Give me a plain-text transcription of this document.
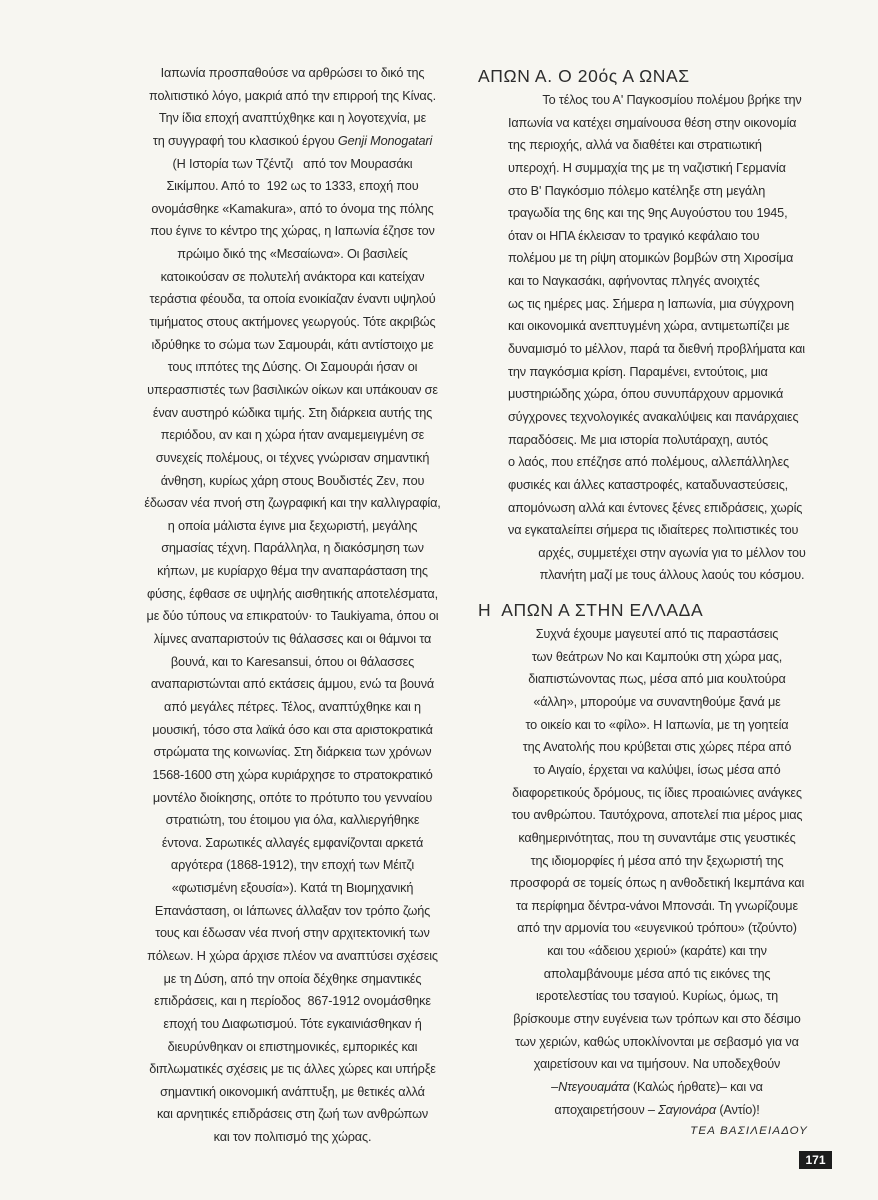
Ιαπωνία προσπαθούσε να αρθρώσει το δικό της
πολιτιστικό λόγο, μακριά από την επιρροή της Κίνας.
Την ίδια εποχή αναπτύχθηκε και η λογοτεχνία, με
τη συγγραφή του κλασικού έργου Genji Monogatari
(Η Ιστορία των Τζέντζι   από τον Μουρασάκι
Σικίμπου. Από το  192 ως το 1333, εποχή που
ονομάσθηκε «Kamakura», από το όνομα της πόλης
που έγινε το κέντρο της χώρας, η Ιαπωνία έζησε τον
πρώιμο δικό της «Μεσαίωνα». Οι βασιλείς
κατοικούσαν σε πολυτελή ανάκτορα και κατείχαν
τεράστια φέουδα, τα οποία ενοικίαζαν έναντι υψηλού
τιμήματος στους ακτήμονες γεωργούς. Τότε ακριβώς
ιδρύθηκε το σώμα των Σαμουράι, κάτι αντίστοιχο με
τους ιππότες της Δύσης. Οι Σαμουράι ήσαν οι
υπερασπιστές των βασιλικών οίκων και υπάκουαν σε
έναν αυστηρό κώδικα τιμής. Στη διάρκεια αυτής της
περιόδου, αν και η χώρα ήταν αναμεμειγμένη σε
συνεχείς πολέμους, οι τέχνες γνώρισαν σημαντική
άνθηση, κυρίως χάρη στους Βουδιστές Ζεν, που
έδωσαν νέα πνοή στη ζωγραφική και την καλλιγραφία,
η οποία μάλιστα έγινε μια ξεχωριστή, μεγάλης
σημασίας τέχνη. Παράλληλα, η διακόσμηση των
κήπων, με κυρίαρχο θέμα την αναπαράσταση της
φύσης, έφθασε σε υψηλής αισθητικής αποτελέσματα,
με δύο τύπους να επικρατούν· το Taukiyama, όπου οι
λίμνες αναπαριστούν τις θάλασσες και οι θάμνοι τα
βουνά, και το Karesansui, όπου οι θάλασσες
αναπαριστώνται από εκτάσεις άμμου, ενώ τα βουνά
από μεγάλες πέτρες. Τέλος, αναπτύχθηκε και η
μουσική, τόσο στα λαϊκά όσο και στα αριστοκρατικά
στρώματα της κοινωνίας. Στη διάρκεια των χρόνων
1568-1600 στη χώρα κυριάρχησε το στρατοκρατικό
μοντέλο διοίκησης, οπότε το πρότυπο του γενναίου
στρατιώτη, του έτοιμου για όλα, καλλιεργήθηκε
έντονα. Σαρωτικές αλλαγές εμφανίζονται αρκετά
αργότερα (1868-1912), την εποχή των Μέιτζι
«φωτισμένη εξουσία»). Κατά τη Βιομηχανική
Επανάσταση, οι Ιάπωνες άλλαξαν τον τρόπο ζωής
τους και έδωσαν νέα πνοή στην αρχιτεκτονική των
πόλεων. Η χώρα άρχισε πλέον να αναπτύσει σχέσεις
με τη Δύση, από την οποία δέχθηκε σημαντικές
επιδράσεις, και η περίοδος  867-1912 ονομάσθηκε
εποχή του Διαφωτισμού. Τότε εγκαινιάσθηκαν ή
διευρύνθηκαν οι επιστημονικές, εμπορικές και
διπλωματικές σχέσεις με τις άλλες χώρες και υπήρξε
σημαντική οικονομική ανάπτυξη, με θετικές αλλά
και αρνητικές επιδράσεις στη ζωή των ανθρώπων
και τον πολιτισμό της χώρας.
ΑΠΩΝ Α. Ο 20ός Α ΩΝΑΣ
Το τέλος του Α' Παγκοσμίου πολέμου βρήκε την
Ιαπωνία να κατέχει σημαίνουσα θέση στην οικονομία
της περιοχής, αλλά να διαθέτει και στρατιωτική
υπεροχή. Η συμμαχία της με τη ναζιστική Γερμανία
στο Β' Παγκόσμιο πόλεμο κατέληξε στη μεγάλη
τραγωδία της 6ης και της 9ης Αυγούστου του 1945,
όταν οι ΗΠΑ έκλεισαν το τραγικό κεφάλαιο του
πολέμου με τη ρίψη ατομικών βομβών στη Χιροσίμα
και το Ναγκασάκι, αφήνοντας πληγές ανοιχτές
ως τις ημέρες μας. Σήμερα η Ιαπωνία, μια σύγχρονη
και οικονομικά ανεπτυγμένη χώρα, αντιμετωπίζει με
δυναμισμό το μέλλον, παρά τα διεθνή προβλήματα και
την παγκόσμια κρίση. Παραμένει, εντούτοις, μια
μυστηριώδης χώρα, όπου συνυπάρχουν αρμονικά
σύγχρονες τεχνολογικές ανακαλύψεις και πανάρχαιες
παραδόσεις. Με μια ιστορία πολυτάραχη, αυτός
ο λαός, που επέζησε από πολέμους, αλλεπάλληλες
φυσικές και άλλες καταστροφές, καταδυναστεύσεις,
απομόνωση αλλά και έντονες ξένες επιδράσεις, χωρίς
να εγκαταλείπει σήμερα τις ιδιαίτερες πολιτιστικές του
αρχές, συμμετέχει στην αγωνία για το μέλλον του
πλανήτη μαζί με τους άλλους λαούς του κόσμου.
Η  ΑΠΩΝ Α ΣΤΗΝ ΕΛΛΑΔΑ
Συχνά έχουμε μαγευτεί από τις παραστάσεις
των θεάτρων Νο και Καμπούκι στη χώρα μας,
διαπιστώνοντας πως, μέσα από μια κουλτούρα
«άλλη», μπορούμε να συναντηθούμε ξανά με
το οικείο και το «φίλο». Η Ιαπωνία, με τη γοητεία
της Ανατολής που κρύβεται στις χώρες πέρα από
το Αιγαίο, έρχεται να καλύψει, ίσως μέσα από
διαφορετικούς δρόμους, τις ίδιες προαιώνιες ανάγκες
του ανθρώπου. Ταυτόχρονα, αποτελεί πια μέρος μιας
καθημερινότητας, που τη συναντάμε στις γευστικές
της ιδιομορφίες ή μέσα από την ξεχωριστή της
προσφορά σε τομείς όπως η ανθοδετική Ικεμπάνα και
τα περίφημα δέντρα-νάνοι Μπονσάι. Τη γνωρίζουμε
από την αρμονία του «ευγενικού τρόπου» (τζούντο)
και του «άδειου χεριού» (καράτε) και την
απολαμβάνουμε μέσα από τις εικόνες της
ιεροτελεστίας του τσαγιού. Κυρίως, όμως, τη
βρίσκουμε στην ευγένεια των τρόπων και στο δέσιμο
των χεριών, καθώς υποκλίνονται με σεβασμό για να
χαιρετίσουν και να τιμήσουν. Να υποδεχθούν
–Ντεγουαμάτα (Καλώς ήρθατε)– και να
αποχαιρετήσουν – Σαγιονάρα (Αντίο)!
ΤΕΑ ΒΑΣΙΛΕΙΑΔΟΥ
171
